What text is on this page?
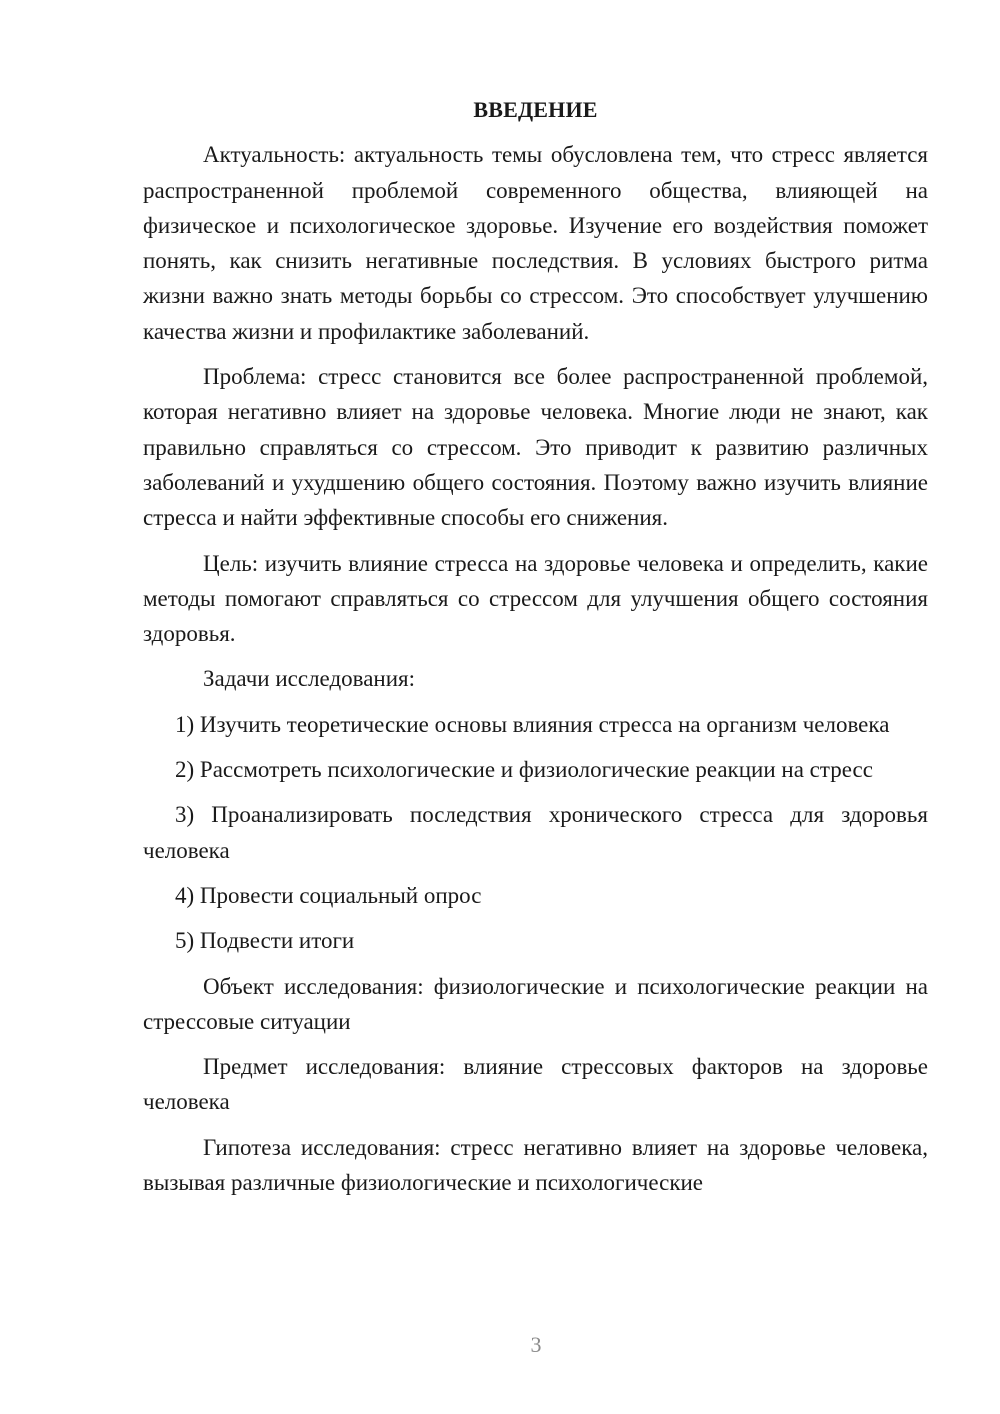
ВВЕДЕНИЕ

Актуальность: актуальность темы обусловлена тем, что стресс является распространенной проблемой современного общества, влияющей на физическое и психологическое здоровье. Изучение его воздействия поможет понять, как снизить негативные последствия. В условиях быстрого ритма жизни важно знать методы борьбы со стрессом. Это способствует улучшению качества жизни и профилактике заболеваний.

Проблема: стресс становится все более распространенной проблемой, которая негативно влияет на здоровье человека. Многие люди не знают, как правильно справляться со стрессом. Это приводит к развитию различных заболеваний и ухудшению общего состояния. Поэтому важно изучить влияние стресса и найти эффективные способы его снижения.

Цель: изучить влияние стресса на здоровье человека и определить, какие методы помогают справляться со стрессом для улучшения общего состояния здоровья.

Задачи исследования:

1) Изучить теоретические основы влияния стресса на организм человека

2) Рассмотреть психологические и физиологические реакции на стресс

3) Проанализировать последствия хронического стресса для здоровья человека

4) Провести социальный опрос

5) Подвести итоги

Объект исследования: физиологические и психологические реакции на стрессовые ситуации

Предмет исследования: влияние стрессовых факторов на здоровье человека

Гипотеза исследования: стресс негативно влияет на здоровье человека, вызывая различные физиологические и психологические

3
